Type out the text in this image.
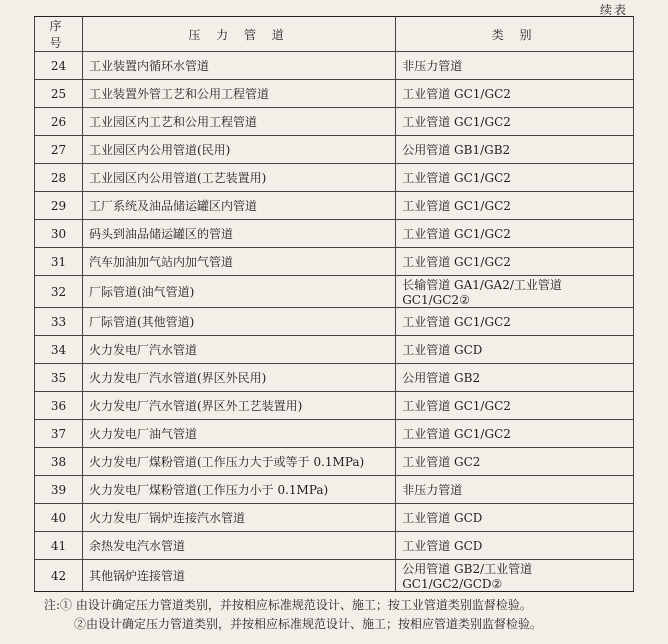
续表
序号	压 力 管 道	类 别
24	工业装置内循环水管道	非压力管道
25	工业装置外管工艺和公用工程管道	工业管道 GC1/GC2
26	工业园区内工艺和公用工程管道	工业管道 GC1/GC2
27	工业园区内公用管道(民用)	公用管道 GB1/GB2
28	工业园区内公用管道(工艺装置用)	工业管道 GC1/GC2
29	工厂系统及油品储运罐区内管道	工业管道 GC1/GC2
30	码头到油品储运罐区的管道	工业管道 GC1/GC2
31	汽车加油加气站内加气管道	工业管道 GC1/GC2
32	厂际管道(油气管道)	长输管道 GA1/GA2/工业管道 GC1/GC2②
33	厂际管道(其他管道)	工业管道 GC1/GC2
34	火力发电厂汽水管道	工业管道 GCD
35	火力发电厂汽水管道(界区外民用)	公用管道 GB2
36	火力发电厂汽水管道(界区外工艺装置用)	工业管道 GC1/GC2
37	火力发电厂油气管道	工业管道 GC1/GC2
38	火力发电厂煤粉管道(工作压力大于或等于 0.1MPa)	工业管道 GC2
39	火力发电厂煤粉管道(工作压力小于 0.1MPa)	非压力管道
40	火力发电厂锅炉连接汽水管道	工业管道 GCD
41	余热发电汽水管道	工业管道 GCD
42	其他锅炉连接管道	公用管道 GB2/工业管道 GC1/GC2/GCD②
注:① 由设计确定压力管道类别，并按相应标准规范设计、施工；按工业管道类别监督检验。
②由设计确定压力管道类别，并按相应标准规范设计、施工；按相应管道类别监督检验。
